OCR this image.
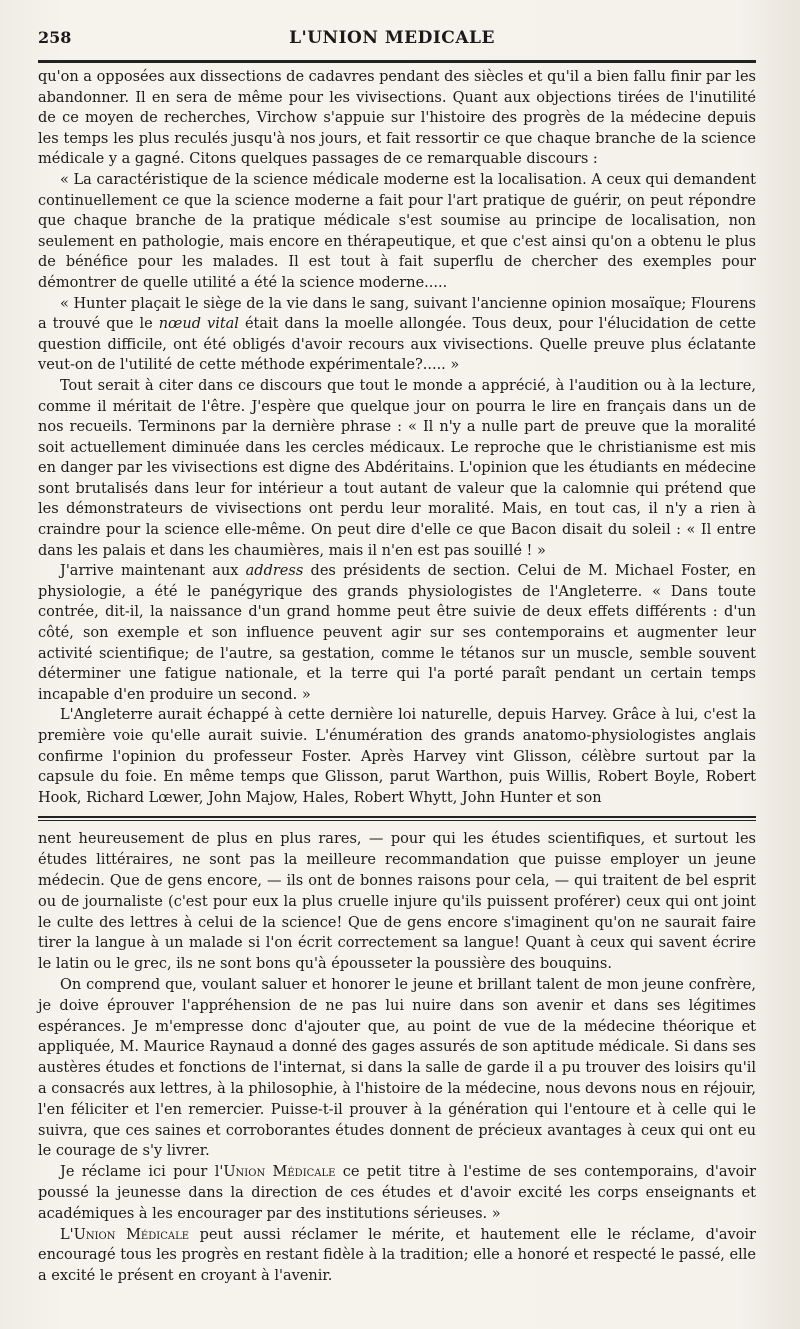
258	L'UNION MEDICALE

qu'on a opposées aux dissections de cadavres pendant des siècles et qu'il a bien fallu finir par les abandonner. Il en sera de même pour les vivisections. Quant aux objections tirées de l'inutilité de ce moyen de recherches, Virchow s'appuie sur l'histoire des progrès de la médecine depuis les temps les plus reculés jusqu'à nos jours, et fait ressortir ce que chaque branche de la science médicale y a gagné. Citons quelques passages de ce remarquable discours :

« La caractéristique de la science médicale moderne est la localisation. A ceux qui demandent continuellement ce que la science moderne a fait pour l'art pratique de guérir, on peut répondre que chaque branche de la pratique médicale s'est soumise au principe de localisation, non seulement en pathologie, mais encore en thérapeutique, et que c'est ainsi qu'on a obtenu le plus de bénéfice pour les malades. Il est tout à fait superflu de chercher des exemples pour démontrer de quelle utilité a été la science moderne.....

« Hunter plaçait le siège de la vie dans le sang, suivant l'ancienne opinion mosaïque; Flourens a trouvé que le nœud vital était dans la moelle allongée. Tous deux, pour l'élucidation de cette question difficile, ont été obligés d'avoir recours aux vivisections. Quelle preuve plus éclatante veut-on de l'utilité de cette méthode expérimentale?..... »

Tout serait à citer dans ce discours que tout le monde a apprécié, à l'audition ou à la lecture, comme il méritait de l'être. J'espère que quelque jour on pourra le lire en français dans un de nos recueils. Terminons par la dernière phrase : « Il n'y a nulle part de preuve que la moralité soit actuellement diminuée dans les cercles médicaux. Le reproche que le christianisme est mis en danger par les vivisections est digne des Abdéritains. L'opinion que les étudiants en médecine sont brutalisés dans leur for intérieur a tout autant de valeur que la calomnie qui prétend que les démonstrateurs de vivisections ont perdu leur moralité. Mais, en tout cas, il n'y a rien à craindre pour la science elle-même. On peut dire d'elle ce que Bacon disait du soleil : « Il entre dans les palais et dans les chaumières, mais il n'en est pas souillé ! »

J'arrive maintenant aux address des présidents de section. Celui de M. Michael Foster, en physiologie, a été le panégyrique des grands physiologistes de l'Angleterre. « Dans toute contrée, dit-il, la naissance d'un grand homme peut être suivie de deux effets différents : d'un côté, son exemple et son influence peuvent agir sur ses contemporains et augmenter leur activité scientifique; de l'autre, sa gestation, comme le tétanos sur un muscle, semble souvent déterminer une fatigue nationale, et la terre qui l'a porté paraît pendant un certain temps incapable d'en produire un second. »

L'Angleterre aurait échappé à cette dernière loi naturelle, depuis Harvey. Grâce à lui, c'est la première voie qu'elle aurait suivie. L'énumération des grands anatomo-physiologistes anglais confirme l'opinion du professeur Foster. Après Harvey vint Glisson, célèbre surtout par la capsule du foie. En même temps que Glisson, parut Warthon, puis Willis, Robert Boyle, Robert Hook, Richard Lœwer, John Majow, Hales, Robert Whytt, John Hunter et son

nent heureusement de plus en plus rares, — pour qui les études scientifiques, et surtout les études littéraires, ne sont pas la meilleure recommandation que puisse employer un jeune médecin. Que de gens encore, — ils ont de bonnes raisons pour cela, — qui traitent de bel esprit ou de journaliste (c'est pour eux la plus cruelle injure qu'ils puissent proférer) ceux qui ont joint le culte des lettres à celui de la science! Que de gens encore s'imaginent qu'on ne saurait faire tirer la langue à un malade si l'on écrit correctement sa langue! Quant à ceux qui savent écrire le latin ou le grec, ils ne sont bons qu'à épousseter la poussière des bouquins.

On comprend que, voulant saluer et honorer le jeune et brillant talent de mon jeune confrère, je doive éprouver l'appréhension de ne pas lui nuire dans son avenir et dans ses légitimes espérances. Je m'empresse donc d'ajouter que, au point de vue de la médecine théorique et appliquée, M. Maurice Raynaud a donné des gages assurés de son aptitude médicale. Si dans ses austères études et fonctions de l'internat, si dans la salle de garde il a pu trouver des loisirs qu'il a consacrés aux lettres, à la philosophie, à l'histoire de la médecine, nous devons nous en réjouir, l'en féliciter et l'en remercier. Puisse-t-il prouver à la génération qui l'entoure et à celle qui le suivra, que ces saines et corroborantes études donnent de précieux avantages à ceux qui ont eu le courage de s'y livrer.

Je réclame ici pour l'Union Médicale ce petit titre à l'estime de ses contemporains, d'avoir poussé la jeunesse dans la direction de ces études et d'avoir excité les corps enseignants et académiques à les encourager par des institutions sérieuses. »

L'Union Médicale peut aussi réclamer le mérite, et hautement elle le réclame, d'avoir encouragé tous les progrès en restant fidèle à la tradition; elle a honoré et respecté le passé, elle a excité le présent en croyant à l'avenir.
